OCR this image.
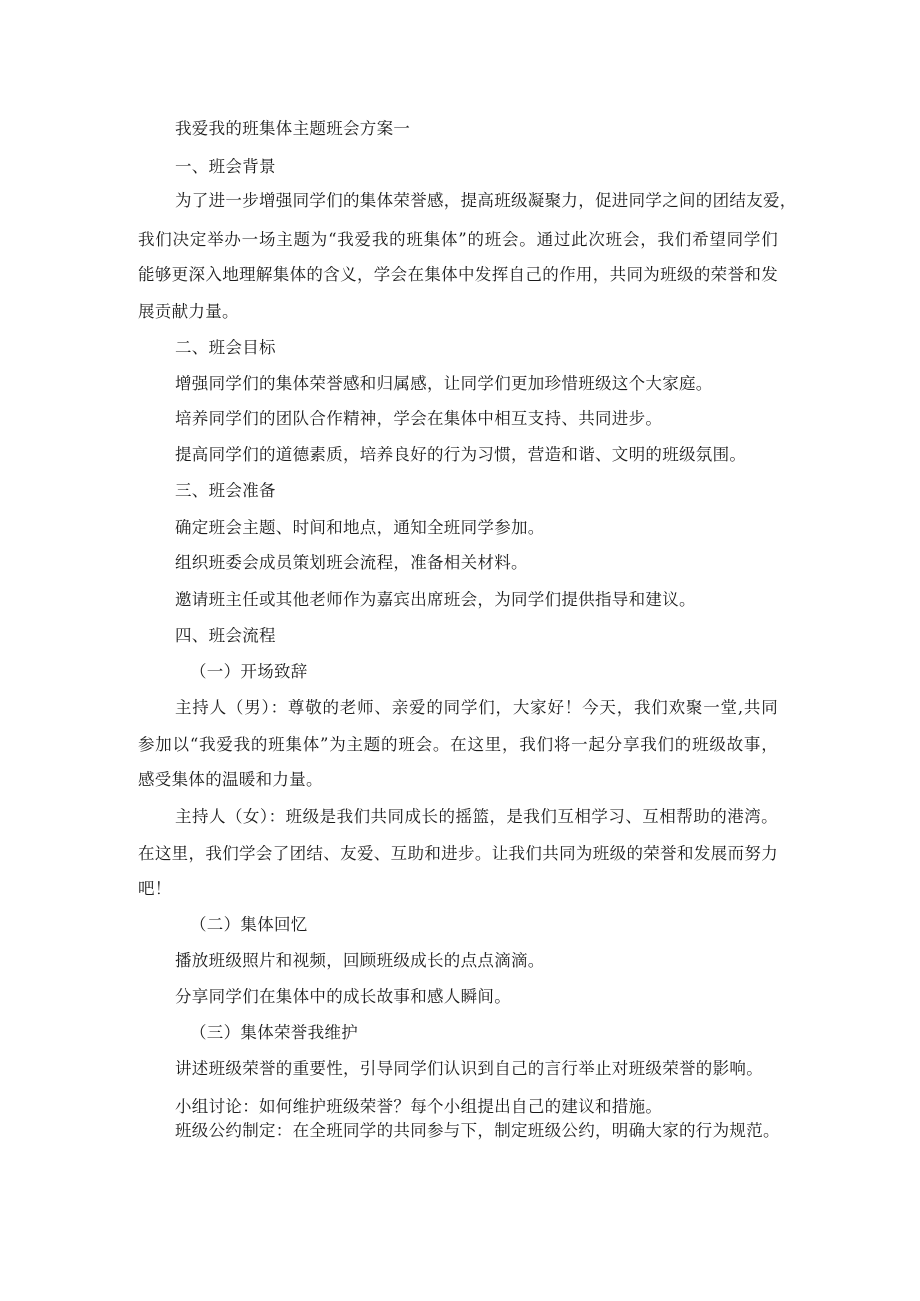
我爱我的班集体主题班会方案一
一、班会背景
为了进一步增强同学们的集体荣誉感，提高班级凝聚力，促进同学之间的团结友爱，
我们决定举办一场主题为“我爱我的班集体”的班会。通过此次班会，我们希望同学们
能够更深入地理解集体的含义，学会在集体中发挥自己的作用，共同为班级的荣誉和发
展贡献力量。
二、班会目标
增强同学们的集体荣誉感和归属感，让同学们更加珍惜班级这个大家庭。
培养同学们的团队合作精神，学会在集体中相互支持、共同进步。
提高同学们的道德素质，培养良好的行为习惯，营造和谐、文明的班级氛围。
三、班会准备
确定班会主题、时间和地点，通知全班同学参加。
组织班委会成员策划班会流程，准备相关材料。
邀请班主任或其他老师作为嘉宾出席班会，为同学们提供指导和建议。
四、班会流程
（一）开场致辞
主持人（男）：尊敬的老师、亲爱的同学们，大家好！今天，我们欢聚一堂,共同
参加以“我爱我的班集体”为主题的班会。在这里，我们将一起分享我们的班级故事，
感受集体的温暖和力量。
主持人（女）：班级是我们共同成长的摇篮，是我们互相学习、互相帮助的港湾。
在这里，我们学会了团结、友爱、互助和进步。让我们共同为班级的荣誉和发展而努力
吧！
（二）集体回忆
播放班级照片和视频，回顾班级成长的点点滴滴。
分享同学们在集体中的成长故事和感人瞬间。
（三）集体荣誉我维护
讲述班级荣誉的重要性，引导同学们认识到自己的言行举止对班级荣誉的影响。
小组讨论：如何维护班级荣誉？每个小组提出自己的建议和措施。
班级公约制定：在全班同学的共同参与下，制定班级公约，明确大家的行为规范。
